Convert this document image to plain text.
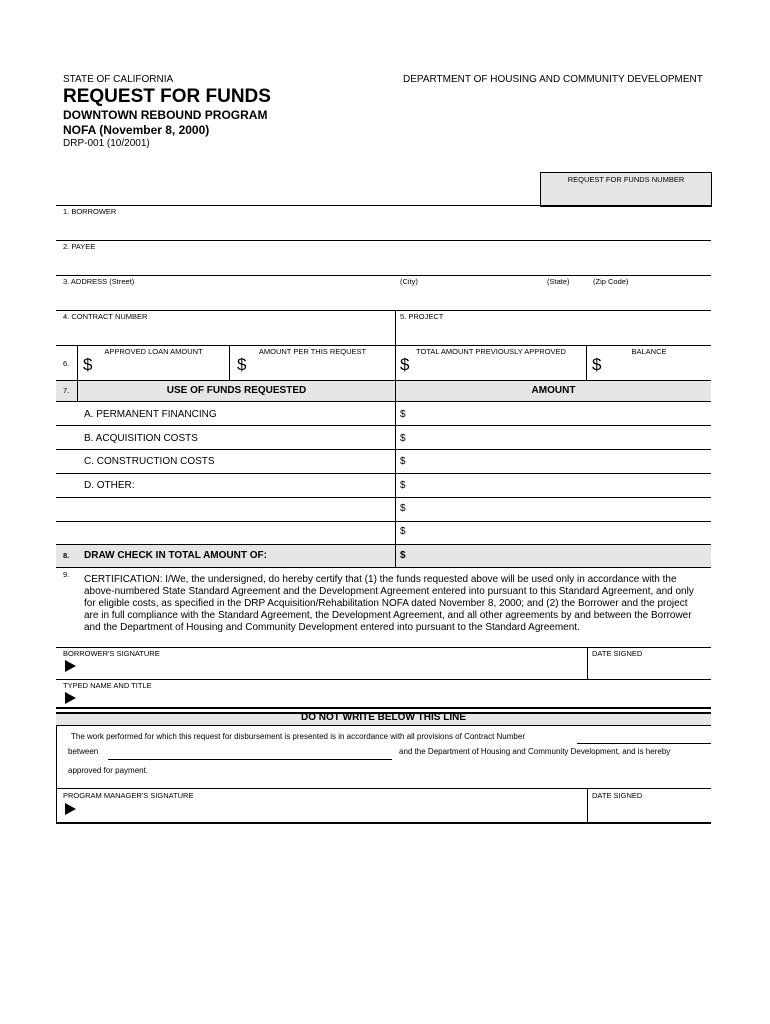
STATE OF CALIFORNIA	DEPARTMENT OF HOUSING AND COMMUNITY DEVELOPMENT
REQUEST FOR FUNDS
DOWNTOWN REBOUND PROGRAM
NOFA (November 8, 2000)
DRP-001 (10/2001)
REQUEST FOR FUNDS NUMBER
1. BORROWER
2. PAYEE
3. ADDRESS (Street)	(City)	(State)	(Zip Code)
4. CONTRACT NUMBER	5. PROJECT
6.
APPROVED LOAN AMOUNT	AMOUNT PER THIS REQUEST	TOTAL AMOUNT PREVIOUSLY APPROVED	BALANCE
$	$	$	$
7.	USE OF FUNDS REQUESTED	AMOUNT
A. PERMANENT FINANCING	$
B. ACQUISITION COSTS	$
C. CONSTRUCTION COSTS	$
D. OTHER:	$
$
$
8. DRAW CHECK IN TOTAL AMOUNT OF:	$
9. CERTIFICATION: I/We, the undersigned, do hereby certify that (1) the funds requested above will be used only in accordance with the
above-numbered State Standard Agreement and the Development Agreement entered into pursuant to this Standard Agreement, and only
for eligible costs, as specified in the DRP Acquisition/Rehabilitation NOFA dated November 8, 2000; and (2) the Borrower and the project
are in full compliance with the Standard Agreement, the Development Agreement, and all other agreements by and between the Borrower
and the Department of Housing and Community Development entered into pursuant to the Standard Agreement.
BORROWER'S SIGNATURE	DATE SIGNED
TYPED NAME AND TITLE
DO NOT WRITE BELOW THIS LINE
The work performed for which this request for disbursement is presented is in accordance with all provisions of Contract Number
between	and the Department of Housing and Community Development, and is hereby
approved for payment.
PROGRAM MANAGER'S SIGNATURE	DATE SIGNED
